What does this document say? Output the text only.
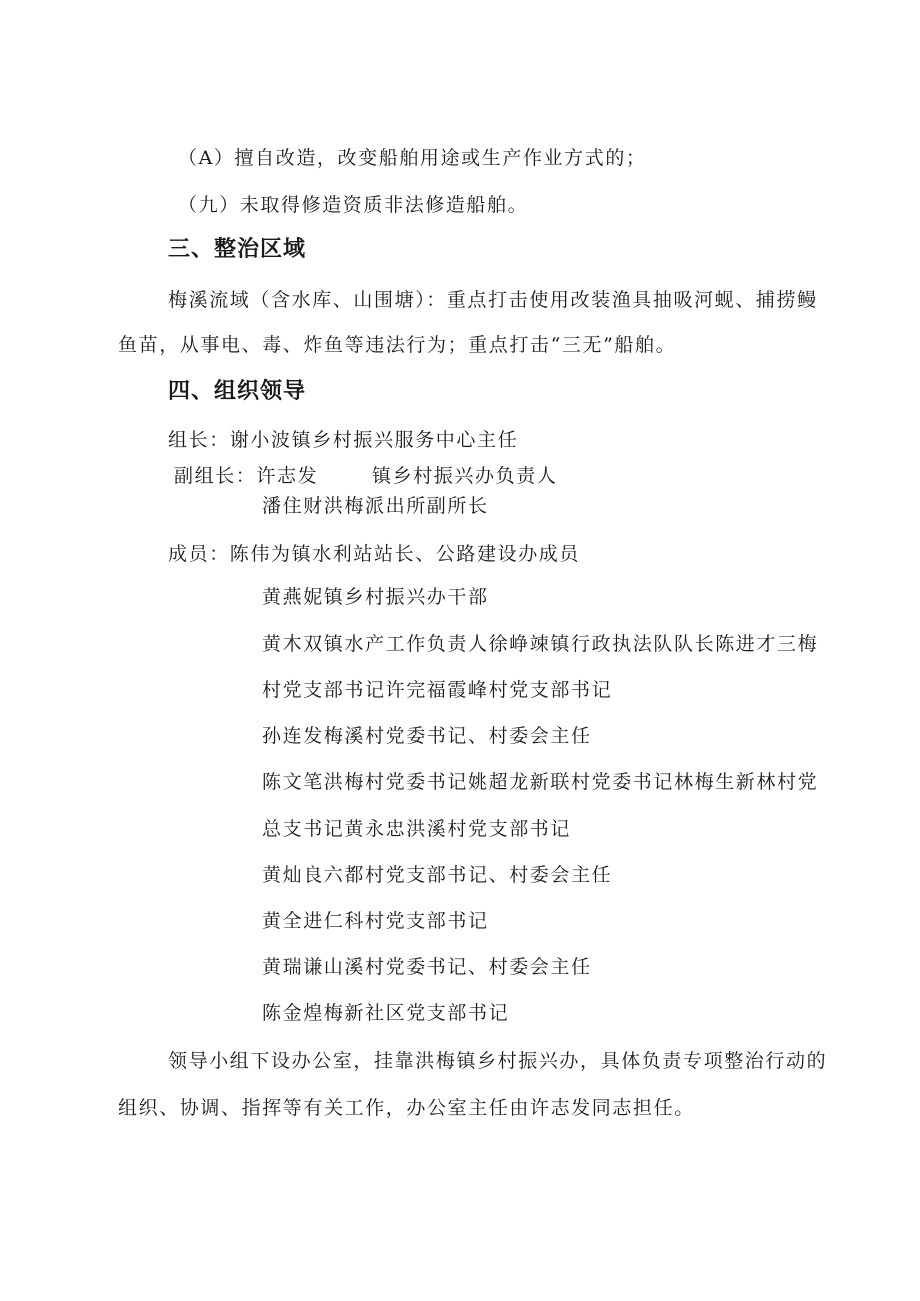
（A）擅自改造，改变船舶用途或生产作业方式的；
（九）未取得修造资质非法修造船舶。
三、整治区域
梅溪流域（含水库、山围塘）：重点打击使用改装渔具抽吸河蚬、捕捞鳗
鱼苗，从事电、毒、炸鱼等违法行为；重点打击“三无”船舶。
四、组织领导
组长：谢小波镇乡村振兴服务中心主任
副组长：许志发	镇乡村振兴办负责人
潘住财洪梅派出所副所长
成员：陈伟为镇水利站站长、公路建设办成员
黄燕妮镇乡村振兴办干部
黄木双镇水产工作负责人徐峥竦镇行政执法队队长陈进才三梅
村党支部书记许完福霞峰村党支部书记
孙连发梅溪村党委书记、村委会主任
陈文笔洪梅村党委书记姚超龙新联村党委书记林梅生新林村党
总支书记黄永忠洪溪村党支部书记
黄灿良六都村党支部书记、村委会主任
黄全进仁科村党支部书记
黄瑞谦山溪村党委书记、村委会主任
陈金煌梅新社区党支部书记
领导小组下设办公室，挂靠洪梅镇乡村振兴办，具体负责专项整治行动的
组织、协调、指挥等有关工作，办公室主任由许志发同志担任。
